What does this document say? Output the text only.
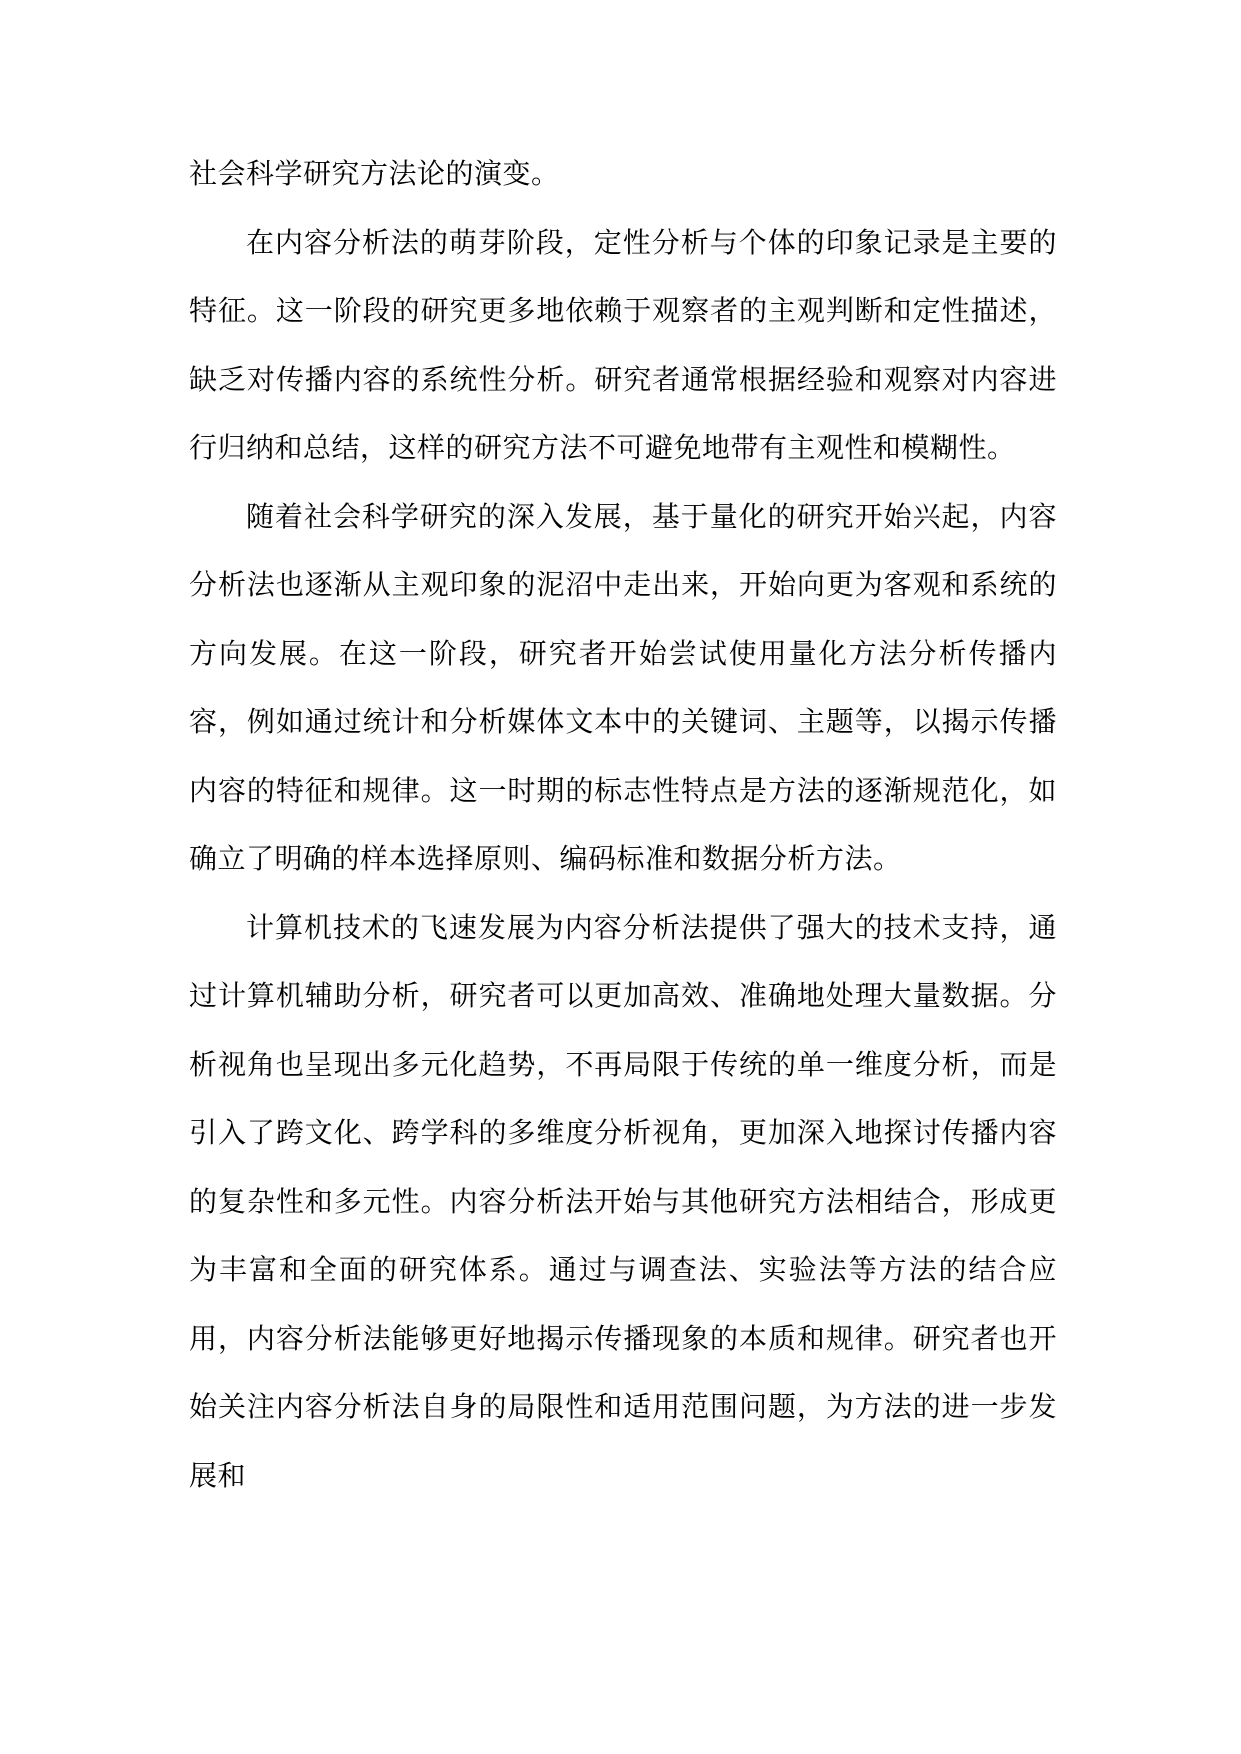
社会科学研究方法论的演变。

在内容分析法的萌芽阶段，定性分析与个体的印象记录是主要的特征。这一阶段的研究更多地依赖于观察者的主观判断和定性描述，缺乏对传播内容的系统性分析。研究者通常根据经验和观察对内容进行归纳和总结，这样的研究方法不可避免地带有主观性和模糊性。

随着社会科学研究的深入发展，基于量化的研究开始兴起，内容分析法也逐渐从主观印象的泥沼中走出来，开始向更为客观和系统的方向发展。在这一阶段，研究者开始尝试使用量化方法分析传播内容，例如通过统计和分析媒体文本中的关键词、主题等，以揭示传播内容的特征和规律。这一时期的标志性特点是方法的逐渐规范化，如确立了明确的样本选择原则、编码标准和数据分析方法。

计算机技术的飞速发展为内容分析法提供了强大的技术支持，通过计算机辅助分析，研究者可以更加高效、准确地处理大量数据。分析视角也呈现出多元化趋势，不再局限于传统的单一维度分析，而是引入了跨文化、跨学科的多维度分析视角，更加深入地探讨传播内容的复杂性和多元性。内容分析法开始与其他研究方法相结合，形成更为丰富和全面的研究体系。通过与调查法、实验法等方法的结合应用，内容分析法能够更好地揭示传播现象的本质和规律。研究者也开始关注内容分析法自身的局限性和适用范围问题，为方法的进一步发展和
